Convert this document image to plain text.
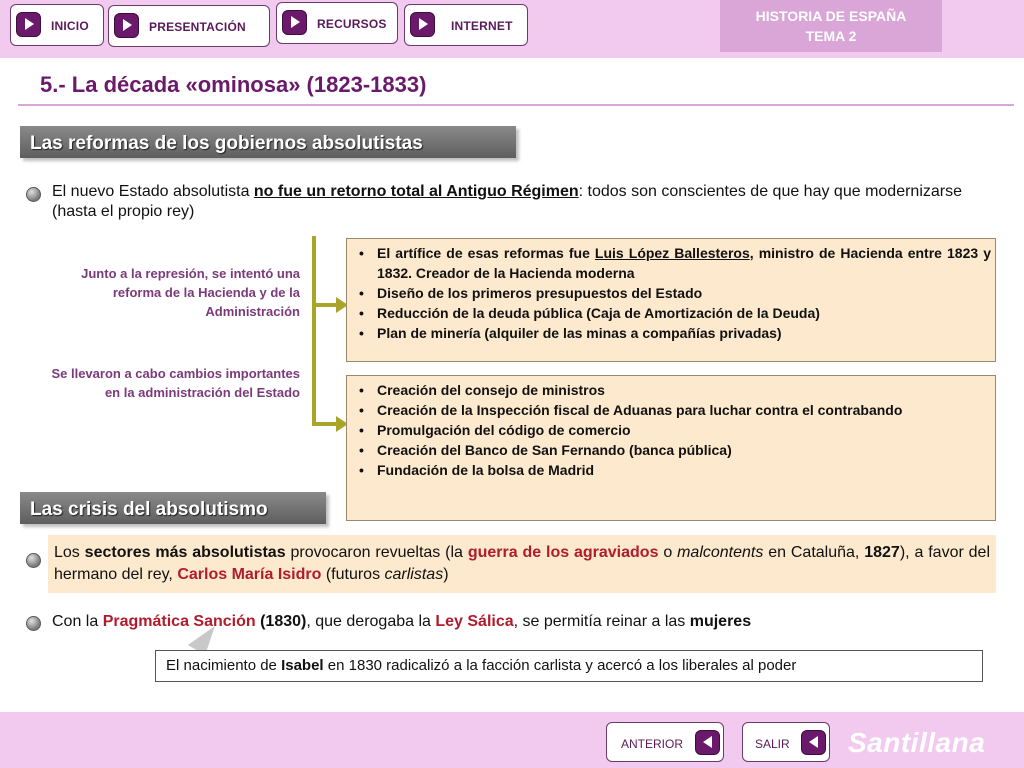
INICIO	PRESENTACIÓN	RECURSOS	INTERNET
HISTORIA DE ESPAÑA
TEMA 2
5.- La década «ominosa» (1823-1833)
Las reformas de los gobiernos absolutistas
El nuevo Estado absolutista no fue un retorno total al Antiguo Régimen: todos son conscientes de que hay que modernizarse (hasta el propio rey)
Junto a la represión, se intentó una reforma de la Hacienda y de la Administración
Se llevaron a cabo cambios importantes en la administración del Estado
• El artífice de esas reformas fue Luis López Ballesteros, ministro de Hacienda entre 1823 y 1832. Creador de la Hacienda moderna
• Diseño de los primeros presupuestos del Estado
• Reducción de la deuda pública (Caja de Amortización de la Deuda)
• Plan de minería (alquiler de las minas a compañías privadas)
• Creación del consejo de ministros
• Creación de la Inspección fiscal de Aduanas para luchar contra el contrabando
• Promulgación del código de comercio
• Creación del Banco de San Fernando (banca pública)
• Fundación de la bolsa de Madrid
Las crisis del absolutismo
Los sectores más absolutistas provocaron revueltas (la guerra de los agraviados o malcontents en Cataluña, 1827), a favor del hermano del rey, Carlos María Isidro (futuros carlistas)
Con la Pragmática Sanción (1830), que derogaba la Ley Sálica, se permitía reinar a las mujeres
El nacimiento de Isabel en 1830 radicalizó a la facción carlista y acercó a los liberales al poder
ANTERIOR	SALIR Santillana
